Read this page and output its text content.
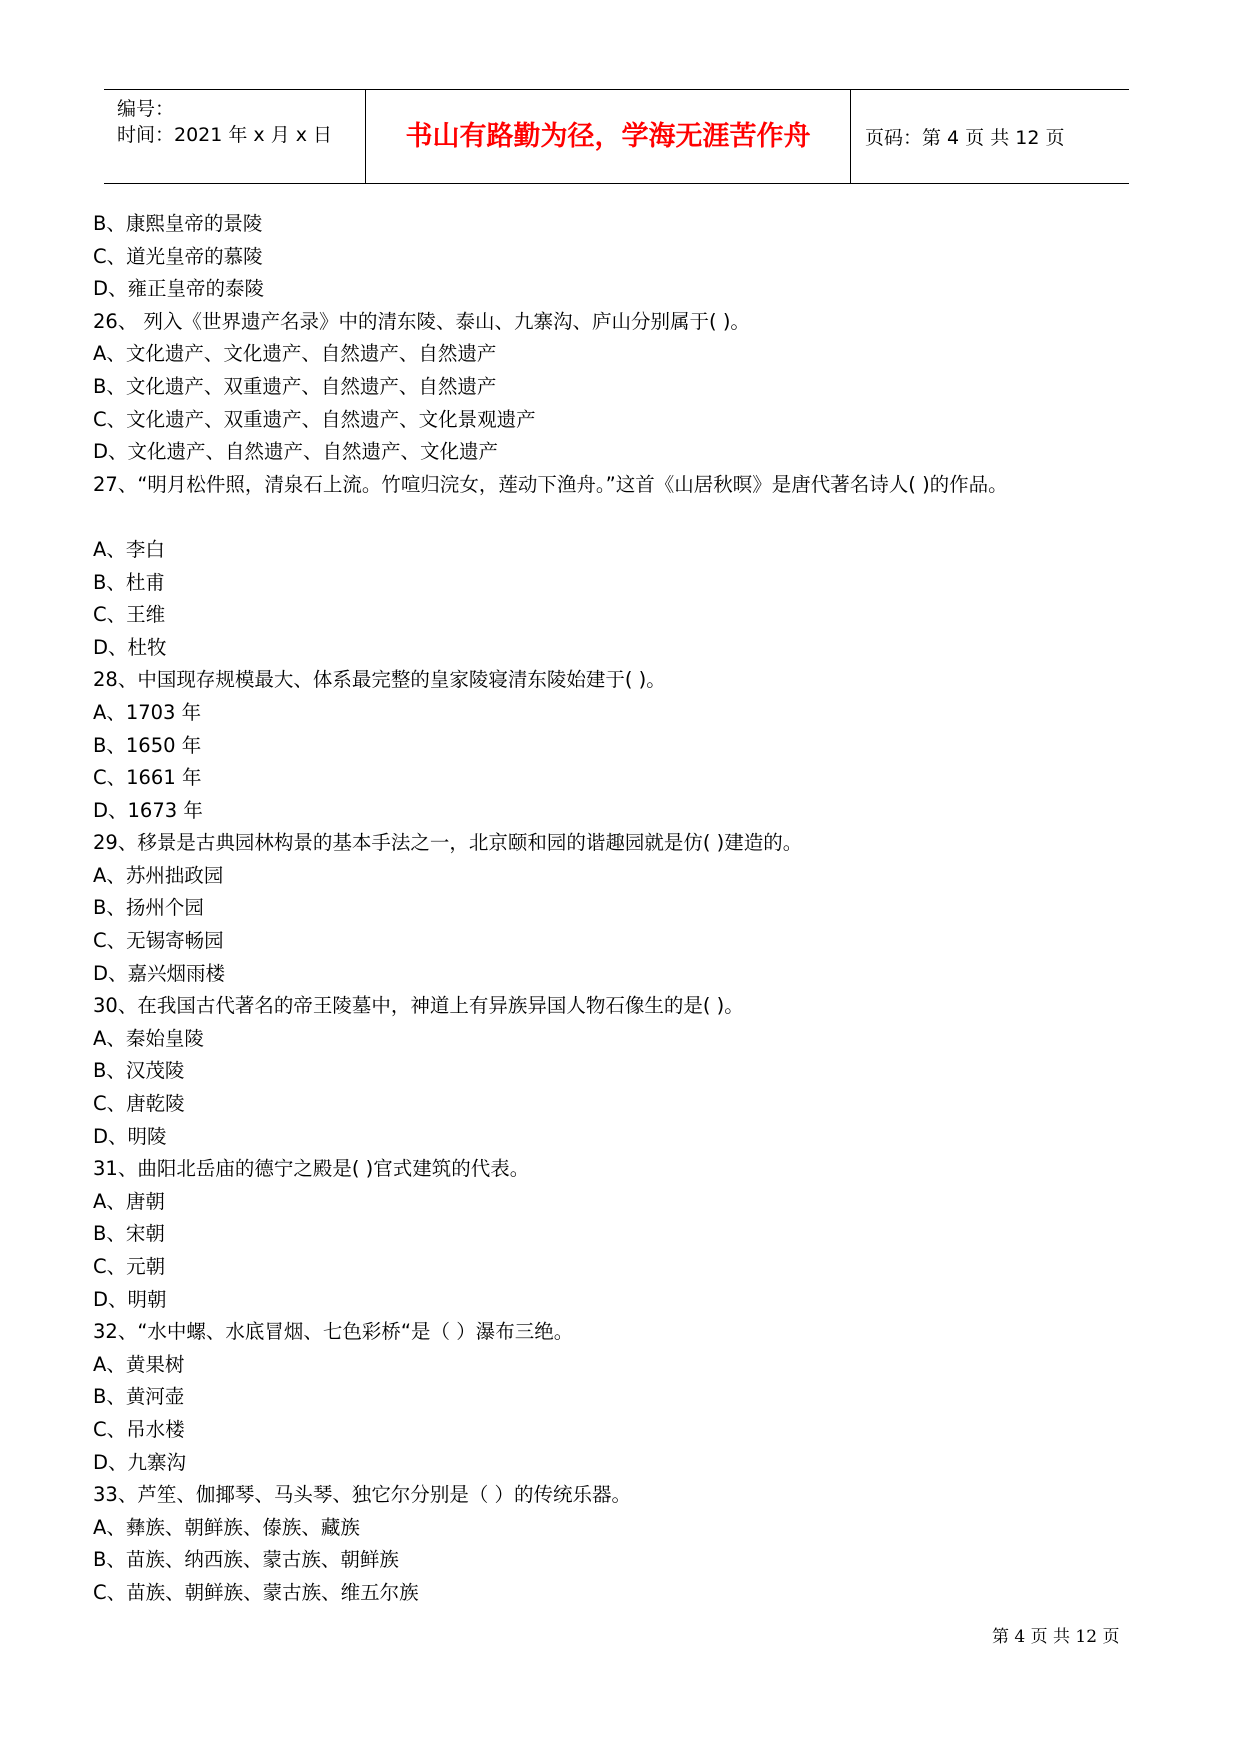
编号：
时间：2021 年 x 月 x 日	书山有路勤为径，学海无涯苦作舟	页码：第 4 页 共 12 页
B、康熙皇帝的景陵
C、道光皇帝的慕陵
D、雍正皇帝的泰陵
26、 列入《世界遗产名录》中的清东陵、泰山、九寨沟、庐山分别属于( )。
A、文化遗产、文化遗产、自然遗产、自然遗产
B、文化遗产、双重遗产、自然遗产、自然遗产
C、文化遗产、双重遗产、自然遗产、文化景观遗产
D、文化遗产、自然遗产、自然遗产、文化遗产
27、“明月松件照，清泉石上流。竹喧归浣女，莲动下渔舟。”这首《山居秋暝》是唐代著名诗人( )的作品。
A、李白
B、杜甫
C、王维
D、杜牧
28、中国现存规模最大、体系最完整的皇家陵寝清东陵始建于( )。
A、1703 年
B、1650 年
C、1661 年
D、1673 年
29、移景是古典园林构景的基本手法之一，北京颐和园的谐趣园就是仿( )建造的。
A、苏州拙政园
B、扬州个园
C、无锡寄畅园
D、嘉兴烟雨楼
30、在我国古代著名的帝王陵墓中，神道上有异族异国人物石像生的是( )。
A、秦始皇陵
B、汉茂陵
C、唐乾陵
D、明陵
31、曲阳北岳庙的德宁之殿是( )官式建筑的代表。
A、唐朝
B、宋朝
C、元朝
D、明朝
32、“水中螺、水底冒烟、七色彩桥“是（ ）瀑布三绝。
A、黄果树
B、黄河壶
C、吊水楼
D、九寨沟
33、芦笙、伽揶琴、马头琴、独它尔分别是（ ）的传统乐器。
A、彝族、朝鲜族、傣族、藏族
B、苗族、纳西族、蒙古族、朝鲜族
C、苗族、朝鲜族、蒙古族、维五尔族
第 4 页 共 12 页
